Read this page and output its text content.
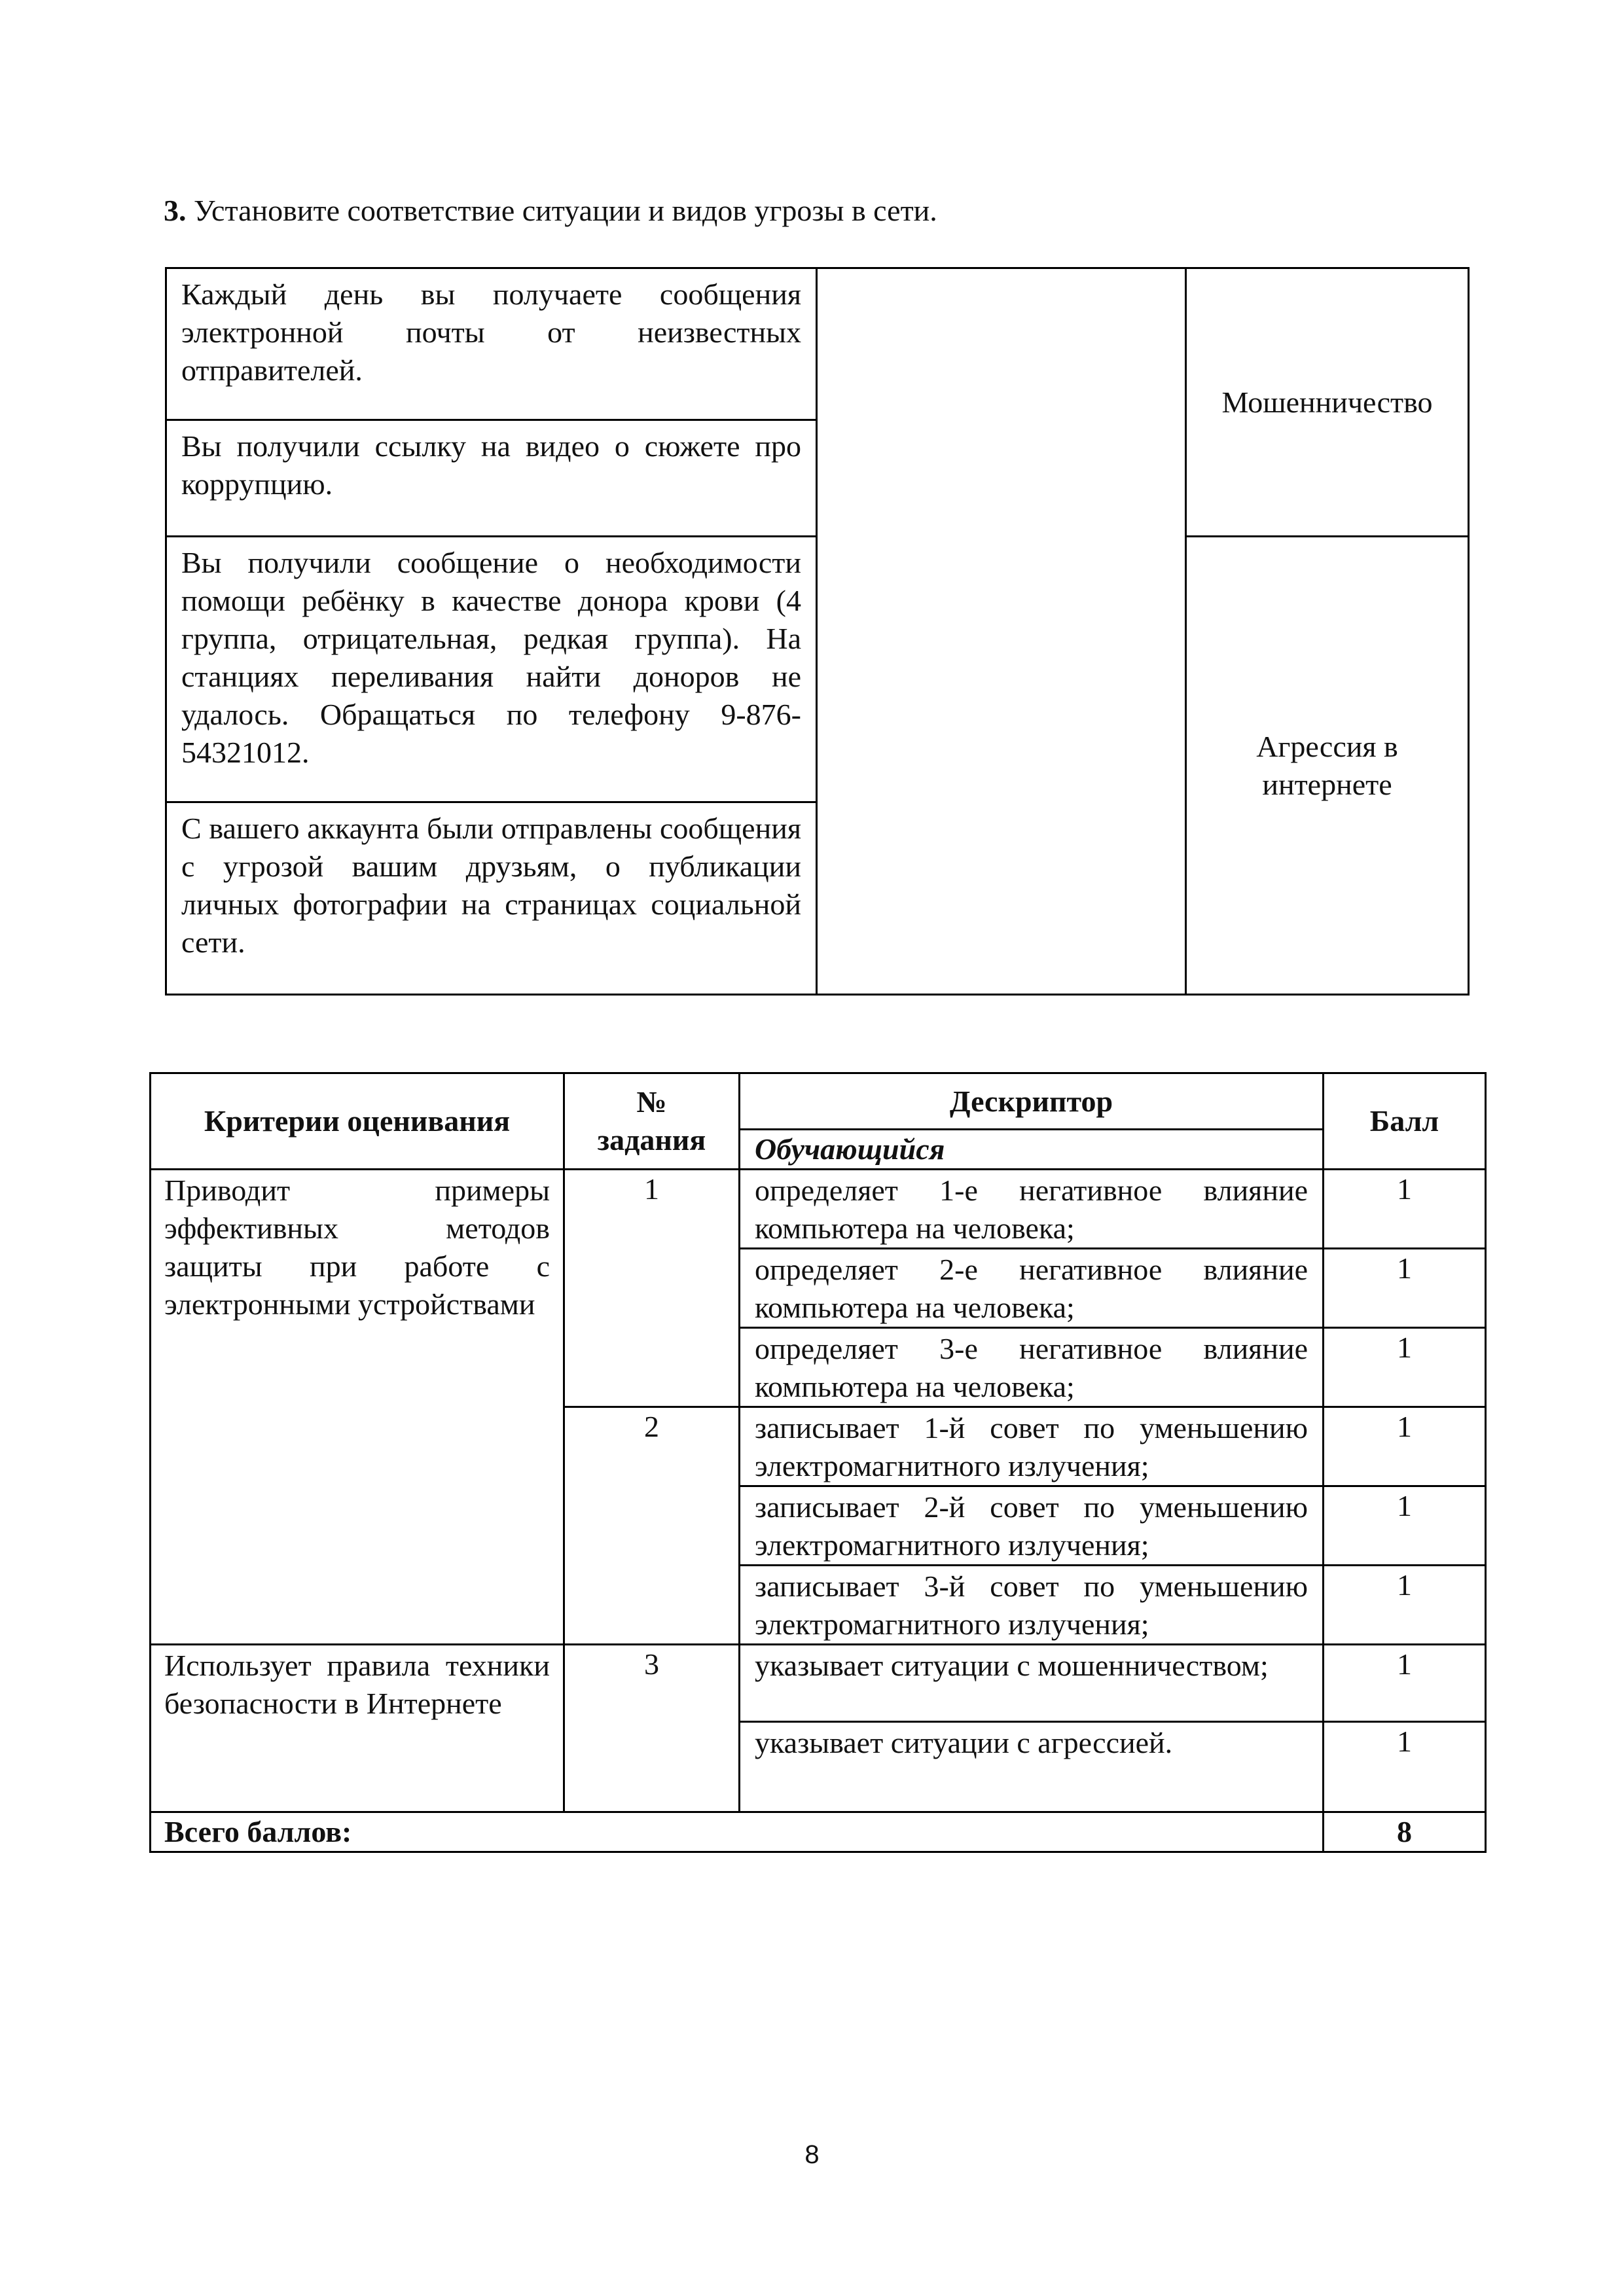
3. Установите соответствие ситуации и видов угрозы в сети.
Каждый день вы получаете сообщения электронной почты от неизвестных отправителей.		Мошенничество
Вы получили ссылку на видео о сюжете про коррупцию.		
Вы получили сообщение о необходимости помощи ребёнку в качестве донора крови (4 группа, отрицательная, редкая группа). На станциях переливания найти доноров не удалось. Обращаться по телефону 9-876-54321012.		Агрессия в интернете
С вашего аккаунта были отправлены сообщения с угрозой вашим друзьям, о публикации личных фотографии на страницах социальной сети.		
Критерии оценивания	№ задания	Дескриптор	Балл
		Обучающийся	
Приводит примеры эффективных методов защиты при работе с электронными устройствами	1	определяет 1-е негативное влияние компьютера на человека;	1
		определяет 2-е негативное влияние компьютера на человека;	1
		определяет 3-е негативное влияние компьютера на человека;	1
	2	записывает 1-й совет по уменьшению электромагнитного излучения;	1
		записывает 2-й совет по уменьшению электромагнитного излучения;	1
		записывает 3-й совет по уменьшению электромагнитного излучения;	1
Использует правила техники безопасности в Интернете	3	указывает ситуации с мошенничеством;	1
		указывает ситуации с агрессией.	1
Всего баллов:			8
8
